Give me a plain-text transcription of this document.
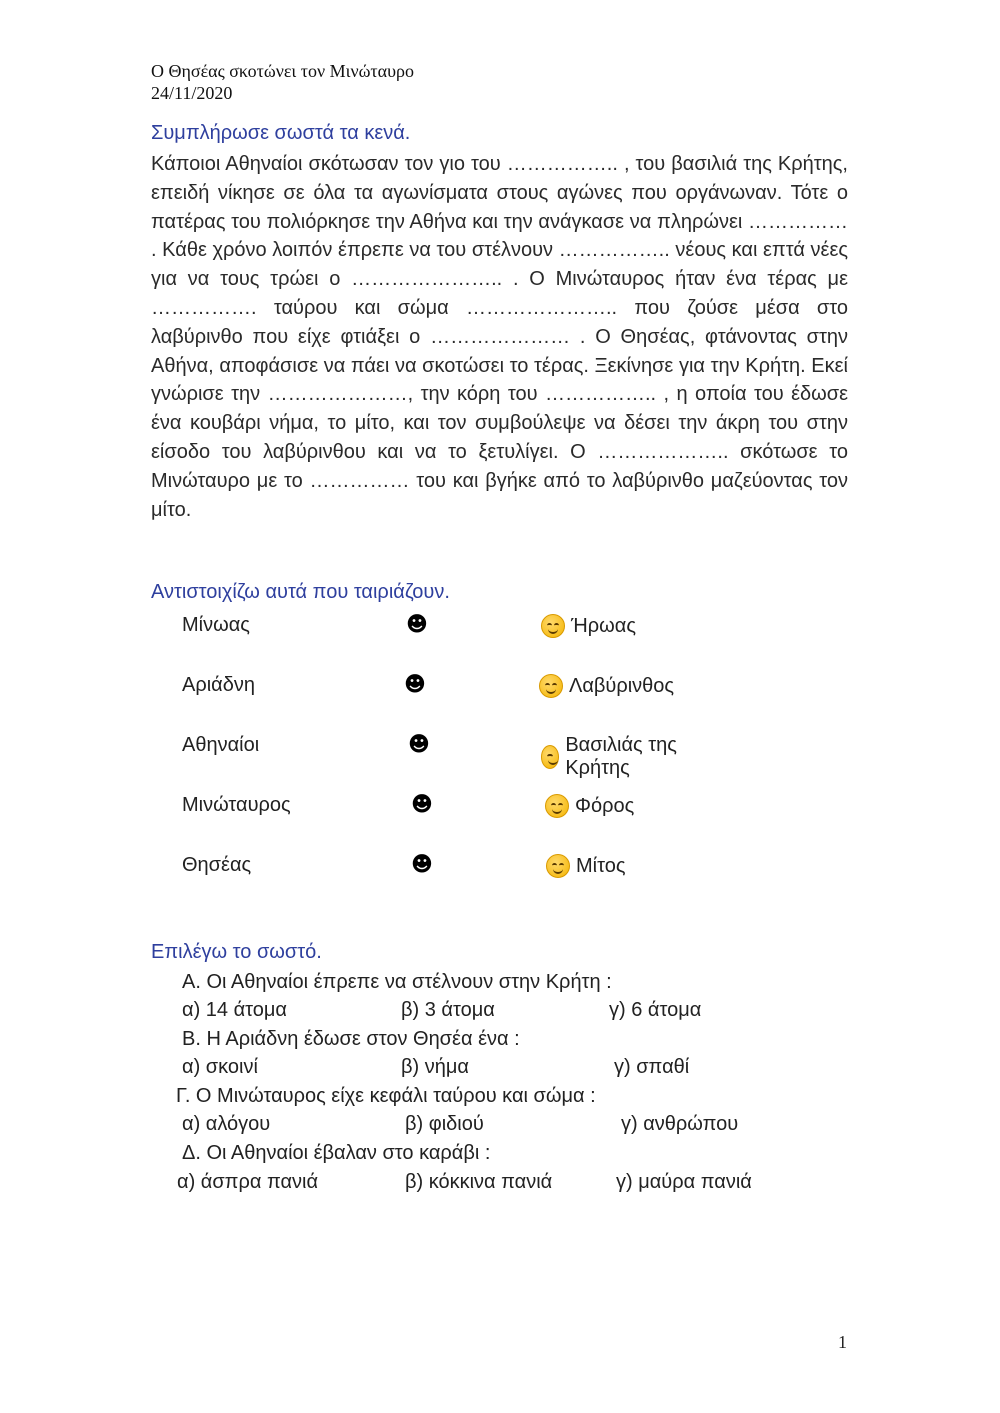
Ο Θησέας σκοτώνει τον Μινώταυρο
24/11/2020
Συμπλήρωσε σωστά τα κενά.

Κάποιοι Αθηναίοι σκότωσαν τον γιο του …………….. , του βασιλιά της Κρήτης, επειδή νίκησε σε όλα τα αγωνίσματα στους αγώνες που οργάνωναν. Τότε ο πατέρας του πολιόρκησε την Αθήνα και την ανάγκασε να πληρώνει …………… . Κάθε χρόνο λοιπόν έπρεπε να του στέλνουν …………….. νέους και επτά νέες για να τους τρώει ο ………………….. . Ο Μινώταυρος ήταν ένα τέρας με ……………. ταύρου και σώμα ………………….. που ζούσε μέσα στο λαβύρινθο που είχε φτιάξει ο ………………… . Ο Θησέας, φτάνοντας στην Αθήνα, αποφάσισε να πάει να σκοτώσει το τέρας. Ξεκίνησε για την Κρήτη. Εκεί γνώρισε την …………………, την κόρη του …………….. , η οποία του έδωσε ένα κουβάρι νήμα, το μίτο, και τον συμβούλεψε να δέσει την άκρη του στην είσοδο του λαβύρινθου και να το ξετυλίγει. Ο ……………….. σκότωσε το Μινώταυρο με το …………… του και βγήκε από το λαβύρινθο μαζεύοντας τον μίτο.

Αντιστοιχίζω αυτά που ταιριάζουν.
Μίνωας	☻	Ήρωας
Αριάδνη	☻	Λαβύρινθος
Αθηναίοι	☻	Βασιλιάς της Κρήτης
Μινώταυρος	☻	Φόρος
Θησέας	☻	Μίτος
Επιλέγω το σωστό.
Α. Οι Αθηναίοι έπρεπε να στέλνουν στην Κρήτη :
α) 14 άτομα	β) 3 άτομα	γ) 6 άτομα
Β. Η Αριάδνη έδωσε στον Θησέα ένα :
α) σκοινί	β) νήμα	γ) σπαθί
Γ. Ο Μινώταυρος είχε κεφάλι ταύρου και σώμα :
α) αλόγου	β) φιδιού	γ) ανθρώπου
Δ. Οι Αθηναίοι έβαλαν στο καράβι :
α) άσπρα πανιά	β) κόκκινα πανιά	γ) μαύρα πανιά
1
